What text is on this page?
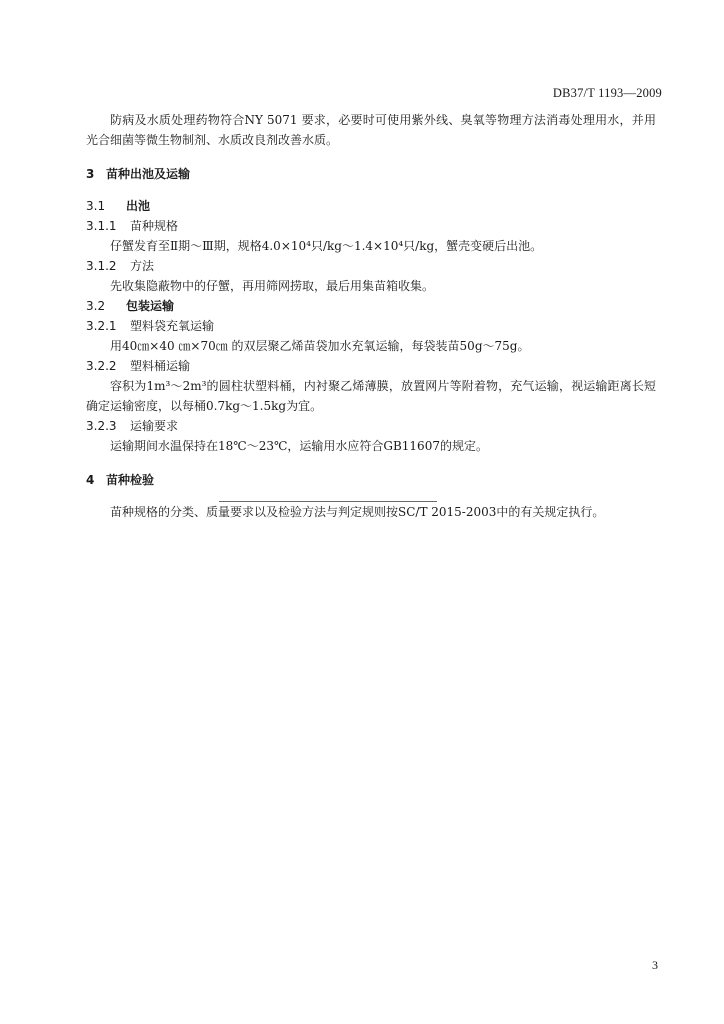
DB37/T 1193—2009

防病及水质处理药物符合NY 5071 要求，必要时可使用紫外线、臭氧等物理方法消毒处理用水，并用光合细菌等微生物制剂、水质改良剂改善水质。

3 苗种出池及运输

3.1 出池

3.1.1 苗种规格

仔蟹发育至Ⅱ期～Ⅲ期，规格4.0×10⁴只/kg～1.4×10⁴只/kg，蟹壳变硬后出池。

3.1.2 方法

先收集隐蔽物中的仔蟹，再用筛网捞取，最后用集苗箱收集。

3.2 包装运输

3.2.1 塑料袋充氧运输

用40㎝×40 ㎝×70㎝ 的双层聚乙烯苗袋加水充氧运输，每袋装苗50g～75g。

3.2.2 塑料桶运输

容积为1m³～2m³的圆柱状塑料桶，内衬聚乙烯薄膜，放置网片等附着物，充气运输，视运输距离长短确定运输密度，以每桶0.7kg～1.5kg为宜。

3.2.3 运输要求

运输期间水温保持在18℃～23℃，运输用水应符合GB11607的规定。

4 苗种检验

苗种规格的分类、质量要求以及检验方法与判定规则按SC/T 2015-2003中的有关规定执行。

3
